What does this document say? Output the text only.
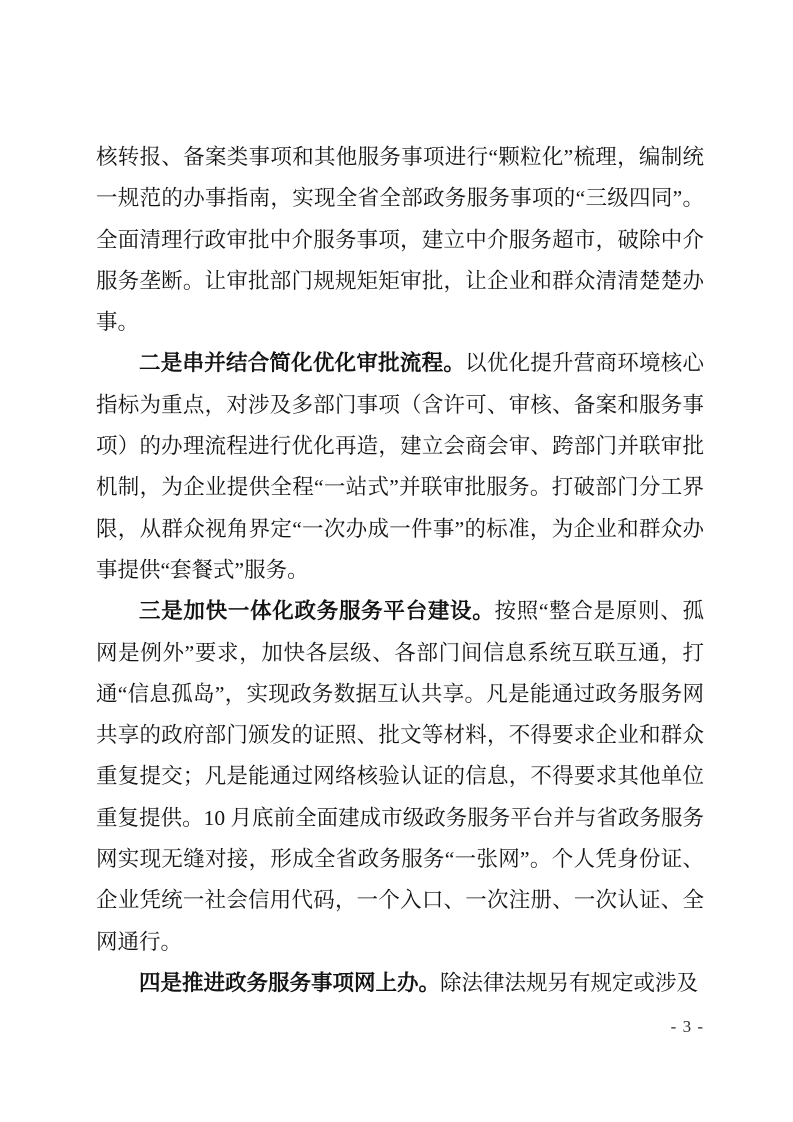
核转报、备案类事项和其他服务事项进行“颗粒化”梳理，编制统一规范的办事指南，实现全省全部政务服务事项的“三级四同”。全面清理行政审批中介服务事项，建立中介服务超市，破除中介服务垄断。让审批部门规规矩矩审批，让企业和群众清清楚楚办事。

二是串并结合简化优化审批流程。以优化提升营商环境核心指标为重点，对涉及多部门事项（含许可、审核、备案和服务事项）的办理流程进行优化再造，建立会商会审、跨部门并联审批机制，为企业提供全程“一站式”并联审批服务。打破部门分工界限，从群众视角界定“一次办成一件事”的标准，为企业和群众办事提供“套餐式”服务。

三是加快一体化政务服务平台建设。按照“整合是原则、孤网是例外”要求，加快各层级、各部门间信息系统互联互通，打通“信息孤岛”，实现政务数据互认共享。凡是能通过政务服务网共享的政府部门颁发的证照、批文等材料，不得要求企业和群众重复提交；凡是能通过网络核验认证的信息，不得要求其他单位重复提供。10 月底前全面建成市级政务服务平台并与省政务服务网实现无缝对接，形成全省政务服务“一张网”。个人凭身份证、企业凭统一社会信用代码，一个入口、一次注册、一次认证、全网通行。

四是推进政务服务事项网上办。除法律法规另有规定或涉及

- 3 -
